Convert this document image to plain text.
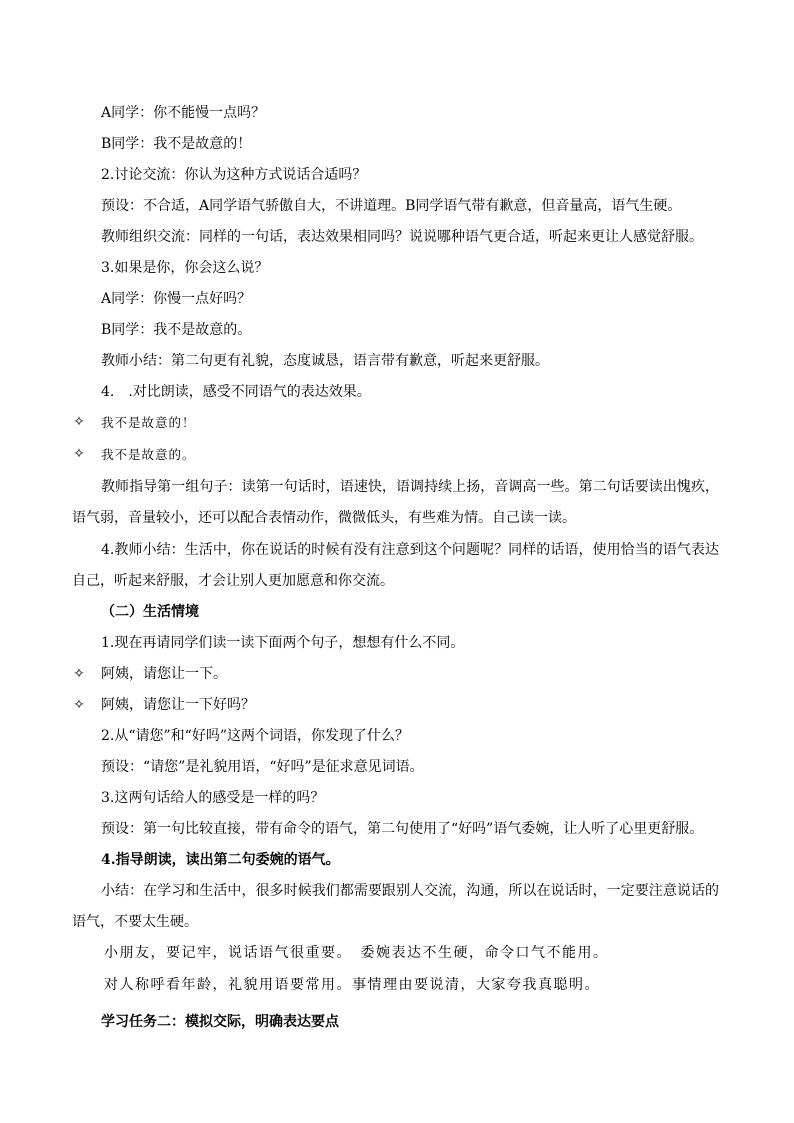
A同学：你不能慢一点吗？
B同学：我不是故意的！
2.讨论交流：你认为这种方式说话合适吗？
预设：不合适，A同学语气骄傲自大，不讲道理。B同学语气带有歉意，但音量高，语气生硬。
教师组织交流：同样的一句话，表达效果相同吗？说说哪种语气更合适，听起来更让人感觉舒服。
3.如果是你，你会这么说？
A同学：你慢一点好吗？
B同学：我不是故意的。
教师小结：第二句更有礼貌，态度诚恳，语言带有歉意，听起来更舒服。
4.　.对比朗读，感受不同语气的表达效果。
✧ 我不是故意的！
✧ 我不是故意的。
教师指导第一组句子：读第一句话时，语速快，语调持续上扬，音调高一些。第二句话要读出愧疚，
语气弱，音量较小，还可以配合表情动作，微微低头，有些难为情。自己读一读。
4.教师小结：生活中，你在说话的时候有没有注意到这个问题呢？同样的话语，使用恰当的语气表达
自己，听起来舒服，才会让别人更加愿意和你交流。
（二）生活情境
1.现在再请同学们读一读下面两个句子，想想有什么不同。
✧ 阿姨，请您让一下。
✧ 阿姨，请您让一下好吗？
2.从“请您”和“好吗”这两个词语，你发现了什么？
预设：“请您”是礼貌用语，“好吗”是征求意见词语。
3.这两句话给人的感受是一样的吗？
预设：第一句比较直接，带有命令的语气，第二句使用了“好吗”语气委婉，让人听了心里更舒服。
4.指导朗读，读出第二句委婉的语气。
小结：在学习和生活中，很多时候我们都需要跟别人交流，沟通，所以在说话时，一定要注意说话的
语气，不要太生硬。
小朋友，要记牢，说话语气很重要。　委婉表达不生硬，命令口气不能用。
对人称呼看年龄，礼貌用语要常用。事情理由要说清，大家夸我真聪明。
学习任务二：模拟交际，明确表达要点
